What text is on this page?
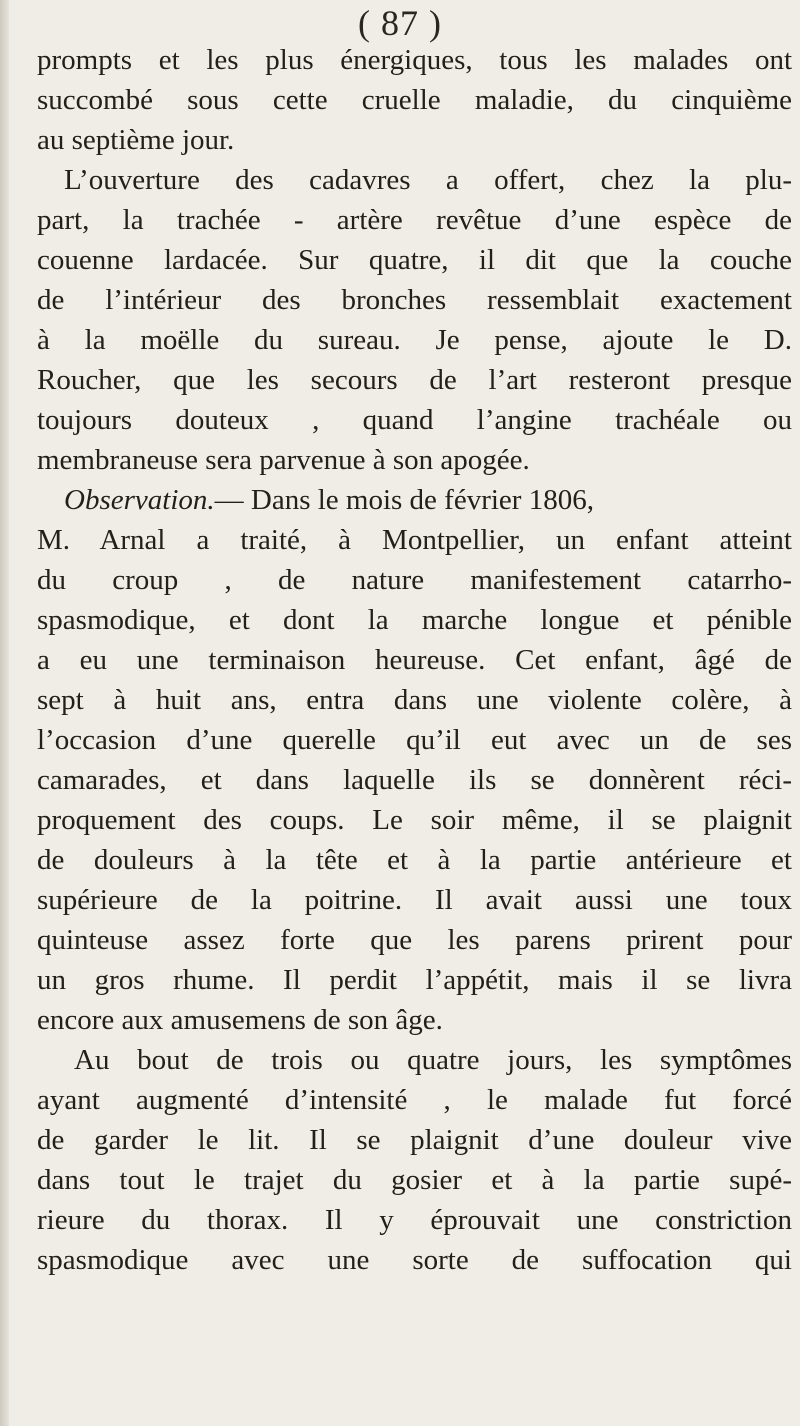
( 87 )
prompts et les plus énergiques, tous les malades ont
succombé sous cette cruelle maladie, du cinquième
au septième jour.
L’ouverture des cadavres a offert, chez la plu-
part, la trachée - artère revêtue d’une espèce de
couenne lardacée. Sur quatre, il dit que la couche
de l’intérieur des bronches ressemblait exactement
à la moëlle du sureau. Je pense, ajoute le D.
Roucher, que les secours de l’art resteront presque
toujours douteux , quand l’angine trachéale ou
membraneuse sera parvenue à son apogée.
Observation.— Dans le mois de février 1806,
M. Arnal a traité, à Montpellier, un enfant atteint
du croup , de nature manifestement catarrho-
spasmodique, et dont la marche longue et pénible
a eu une terminaison heureuse. Cet enfant, âgé de
sept à huit ans, entra dans une violente colère, à
l’occasion d’une querelle qu’il eut avec un de ses
camarades, et dans laquelle ils se donnèrent réci-
proquement des coups. Le soir même, il se plaignit
de douleurs à la tête et à la partie antérieure et
supérieure de la poitrine. Il avait aussi une toux
quinteuse assez forte que les parens prirent pour
un gros rhume. Il perdit l’appétit, mais il se livra
encore aux amusemens de son âge.
Au bout de trois ou quatre jours, les symptômes
ayant augmenté d’intensité , le malade fut forcé
de garder le lit. Il se plaignit d’une douleur vive
dans tout le trajet du gosier et à la partie supé-
rieure du thorax. Il y éprouvait une constriction
spasmodique avec une sorte de suffocation qui
